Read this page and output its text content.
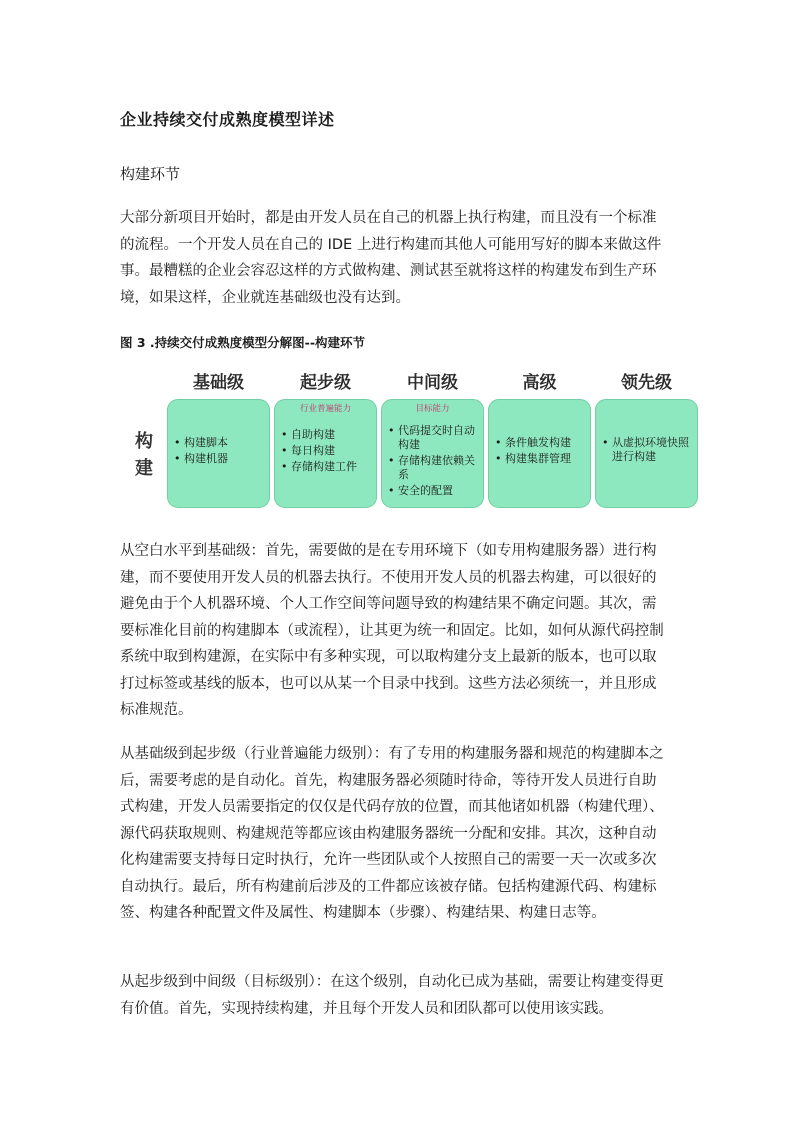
企业持续交付成熟度模型详述
构建环节

大部分新项目开始时，都是由开发人员在自己的机器上执行构建，而且没有一个标准的流程。一个开发人员在自己的 IDE 上进行构建而其他人可能用写好的脚本来做这件事。最糟糕的企业会容忍这样的方式做构建、测试甚至就将这样的构建发布到生产环境，如果这样，企业就连基础级也没有达到。

图 3 .持续交付成熟度模型分解图--构建环节
构建
基础级
• 构建脚本
• 构建机器
起步级
行业普遍能力
• 自助构建
• 每日构建
• 存储构建工件
中间级
目标能力
• 代码提交时自动构建
• 存储构建依赖关系
• 安全的配置
高级
• 条件触发构建
• 构建集群管理
领先级
• 从虚拟环境快照进行构建

从空白水平到基础级：首先，需要做的是在专用环境下（如专用构建服务器）进行构建，而不要使用开发人员的机器去执行。不使用开发人员的机器去构建，可以很好的避免由于个人机器环境、个人工作空间等问题导致的构建结果不确定问题。其次，需要标准化目前的构建脚本（或流程），让其更为统一和固定。比如，如何从源代码控制系统中取到构建源，在实际中有多种实现，可以取构建分支上最新的版本，也可以取打过标签或基线的版本，也可以从某一个目录中找到。这些方法必须统一，并且形成标准规范。

从基础级到起步级（行业普遍能力级别）：有了专用的构建服务器和规范的构建脚本之后，需要考虑的是自动化。首先，构建服务器必须随时待命，等待开发人员进行自助式构建，开发人员需要指定的仅仅是代码存放的位置，而其他诸如机器（构建代理）、源代码获取规则、构建规范等都应该由构建服务器统一分配和安排。其次，这种自动化构建需要支持每日定时执行，允许一些团队或个人按照自己的需要一天一次或多次自动执行。最后，所有构建前后涉及的工件都应该被存储。包括构建源代码、构建标签、构建各种配置文件及属性、构建脚本（步骤）、构建结果、构建日志等。

从起步级到中间级（目标级别）：在这个级别，自动化已成为基础，需要让构建变得更有价值。首先，实现持续构建，并且每个开发人员和团队都可以使用该实践。
